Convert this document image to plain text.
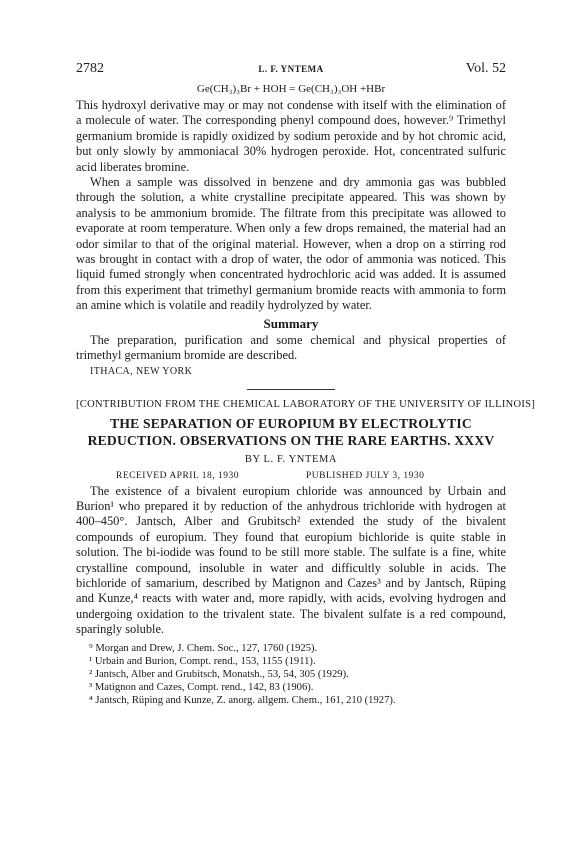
2782	L. F. YNTEMA	Vol. 52
Ge(CH₃)₃Br + HOH = Ge(CH₃)₃OH +HBr

This hydroxyl derivative may or may not condense with itself with the elimination of a molecule of water. The corresponding phenyl compound does, however.⁹ Trimethyl germanium bromide is rapidly oxidized by sodium peroxide and by hot chromic acid, but only slowly by ammoniacal 30% hydrogen peroxide. Hot, concentrated sulfuric acid liberates bromine.

When a sample was dissolved in benzene and dry ammonia gas was bubbled through the solution, a white crystalline precipitate appeared. This was shown by analysis to be ammonium bromide. The filtrate from this precipitate was allowed to evaporate at room temperature. When only a few drops remained, the material had an odor similar to that of the original material. However, when a drop on a stirring rod was brought in contact with a drop of water, the odor of ammonia was noticed. This liquid fumed strongly when concentrated hydrochloric acid was added. It is assumed from this experiment that trimethyl germanium bromide reacts with ammonia to form an amine which is volatile and readily hydrolyzed by water.

Summary

The preparation, purification and some chemical and physical properties of trimethyl germanium bromide are described.

ITHACA, NEW YORK
[CONTRIBUTION FROM THE CHEMICAL LABORATORY OF THE UNIVERSITY OF ILLINOIS]
THE SEPARATION OF EUROPIUM BY ELECTROLYTIC
REDUCTION. OBSERVATIONS ON THE RARE EARTHS. XXXV
BY L. F. YNTEMA
RECEIVED APRIL 18, 1930	PUBLISHED JULY 3, 1930

The existence of a bivalent europium chloride was announced by Urbain and Burion¹ who prepared it by reduction of the anhydrous trichloride with hydrogen at 400–450°. Jantsch, Alber and Grubitsch² extended the study of the bivalent compounds of europium. They found that europium bichloride is quite stable in solution. The bi-iodide was found to be still more stable. The sulfate is a fine, white crystalline compound, insoluble in water and difficultly soluble in acids. The bichloride of samarium, described by Matignon and Cazes³ and by Jantsch, Rüping and Kunze,⁴ reacts with water and, more rapidly, with acids, evolving hydrogen and undergoing oxidation to the trivalent state. The bivalent sulfate is a red compound, sparingly soluble.

⁹ Morgan and Drew, J. Chem. Soc., 127, 1760 (1925).
¹ Urbain and Burion, Compt. rend., 153, 1155 (1911).
² Jantsch, Alber and Grubitsch, Monatsh., 53, 54, 305 (1929).
³ Matignon and Cazes, Compt. rend., 142, 83 (1906).
⁴ Jantsch, Rüping and Kunze, Z. anorg. allgem. Chem., 161, 210 (1927).
